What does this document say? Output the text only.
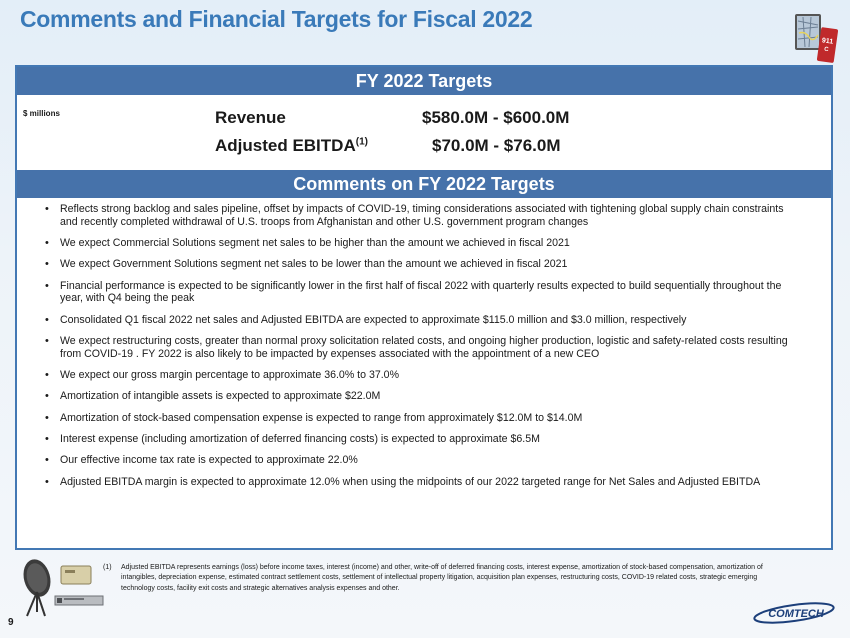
Comments and Financial Targets for Fiscal 2022
911
C
FY 2022 Targets
$ millions	Revenue	$580.0M - $600.0M
Adjusted EBITDA$^{(1)}$	$70.0M - $76.0M
Comments on FY 2022 Targets
• Reflects strong backlog and sales pipeline, offset by impacts of COVID-19, timing considerations associated with tightening global supply chain constraints and recently completed withdrawal of U.S. troops from Afghanistan and other U.S. government program changes
• We expect Commercial Solutions segment net sales to be higher than the amount we achieved in fiscal 2021
• We expect Government Solutions segment net sales to be lower than the amount we achieved in fiscal 2021
• Financial performance is expected to be significantly lower in the first half of fiscal 2022 with quarterly results expected to build sequentially throughout the year, with Q4 being the peak
• Consolidated Q1 fiscal 2022 net sales and Adjusted EBITDA are expected to approximate $115.0 million and $3.0 million, respectively
• We expect restructuring costs, greater than normal proxy solicitation related costs, and ongoing higher production, logistic and safety-related costs resulting from COVID-19 . FY 2022 is also likely to be impacted by expenses associated with the appointment of a new CEO
• We expect our gross margin percentage to approximate 36.0% to 37.0%
• Amortization of intangible assets is expected to approximate $22.0M
• Amortization of stock-based compensation expense is expected to range from approximately $12.0M to $14.0M
• Interest expense (including amortization of deferred financing costs) is expected to approximate $6.5M
• Our effective income tax rate is expected to approximate 22.0%
• Adjusted EBITDA margin is expected to approximate 12.0% when using the midpoints of our 2022 targeted range for Net Sales and Adjusted EBITDA
(1)	Adjusted EBITDA represents earnings (loss) before income taxes, interest (income) and other, write-off of deferred financing costs, interest expense, amortization of stock-based compensation, amortization of intangibles, depreciation expense, estimated contract settlement costs, settlement of intellectual property litigation, acquisition plan expenses, restructuring costs, COVID-19 related costs, strategic emerging technology costs, facility exit costs and strategic alternatives analysis expenses and other.
9
COMTECH
